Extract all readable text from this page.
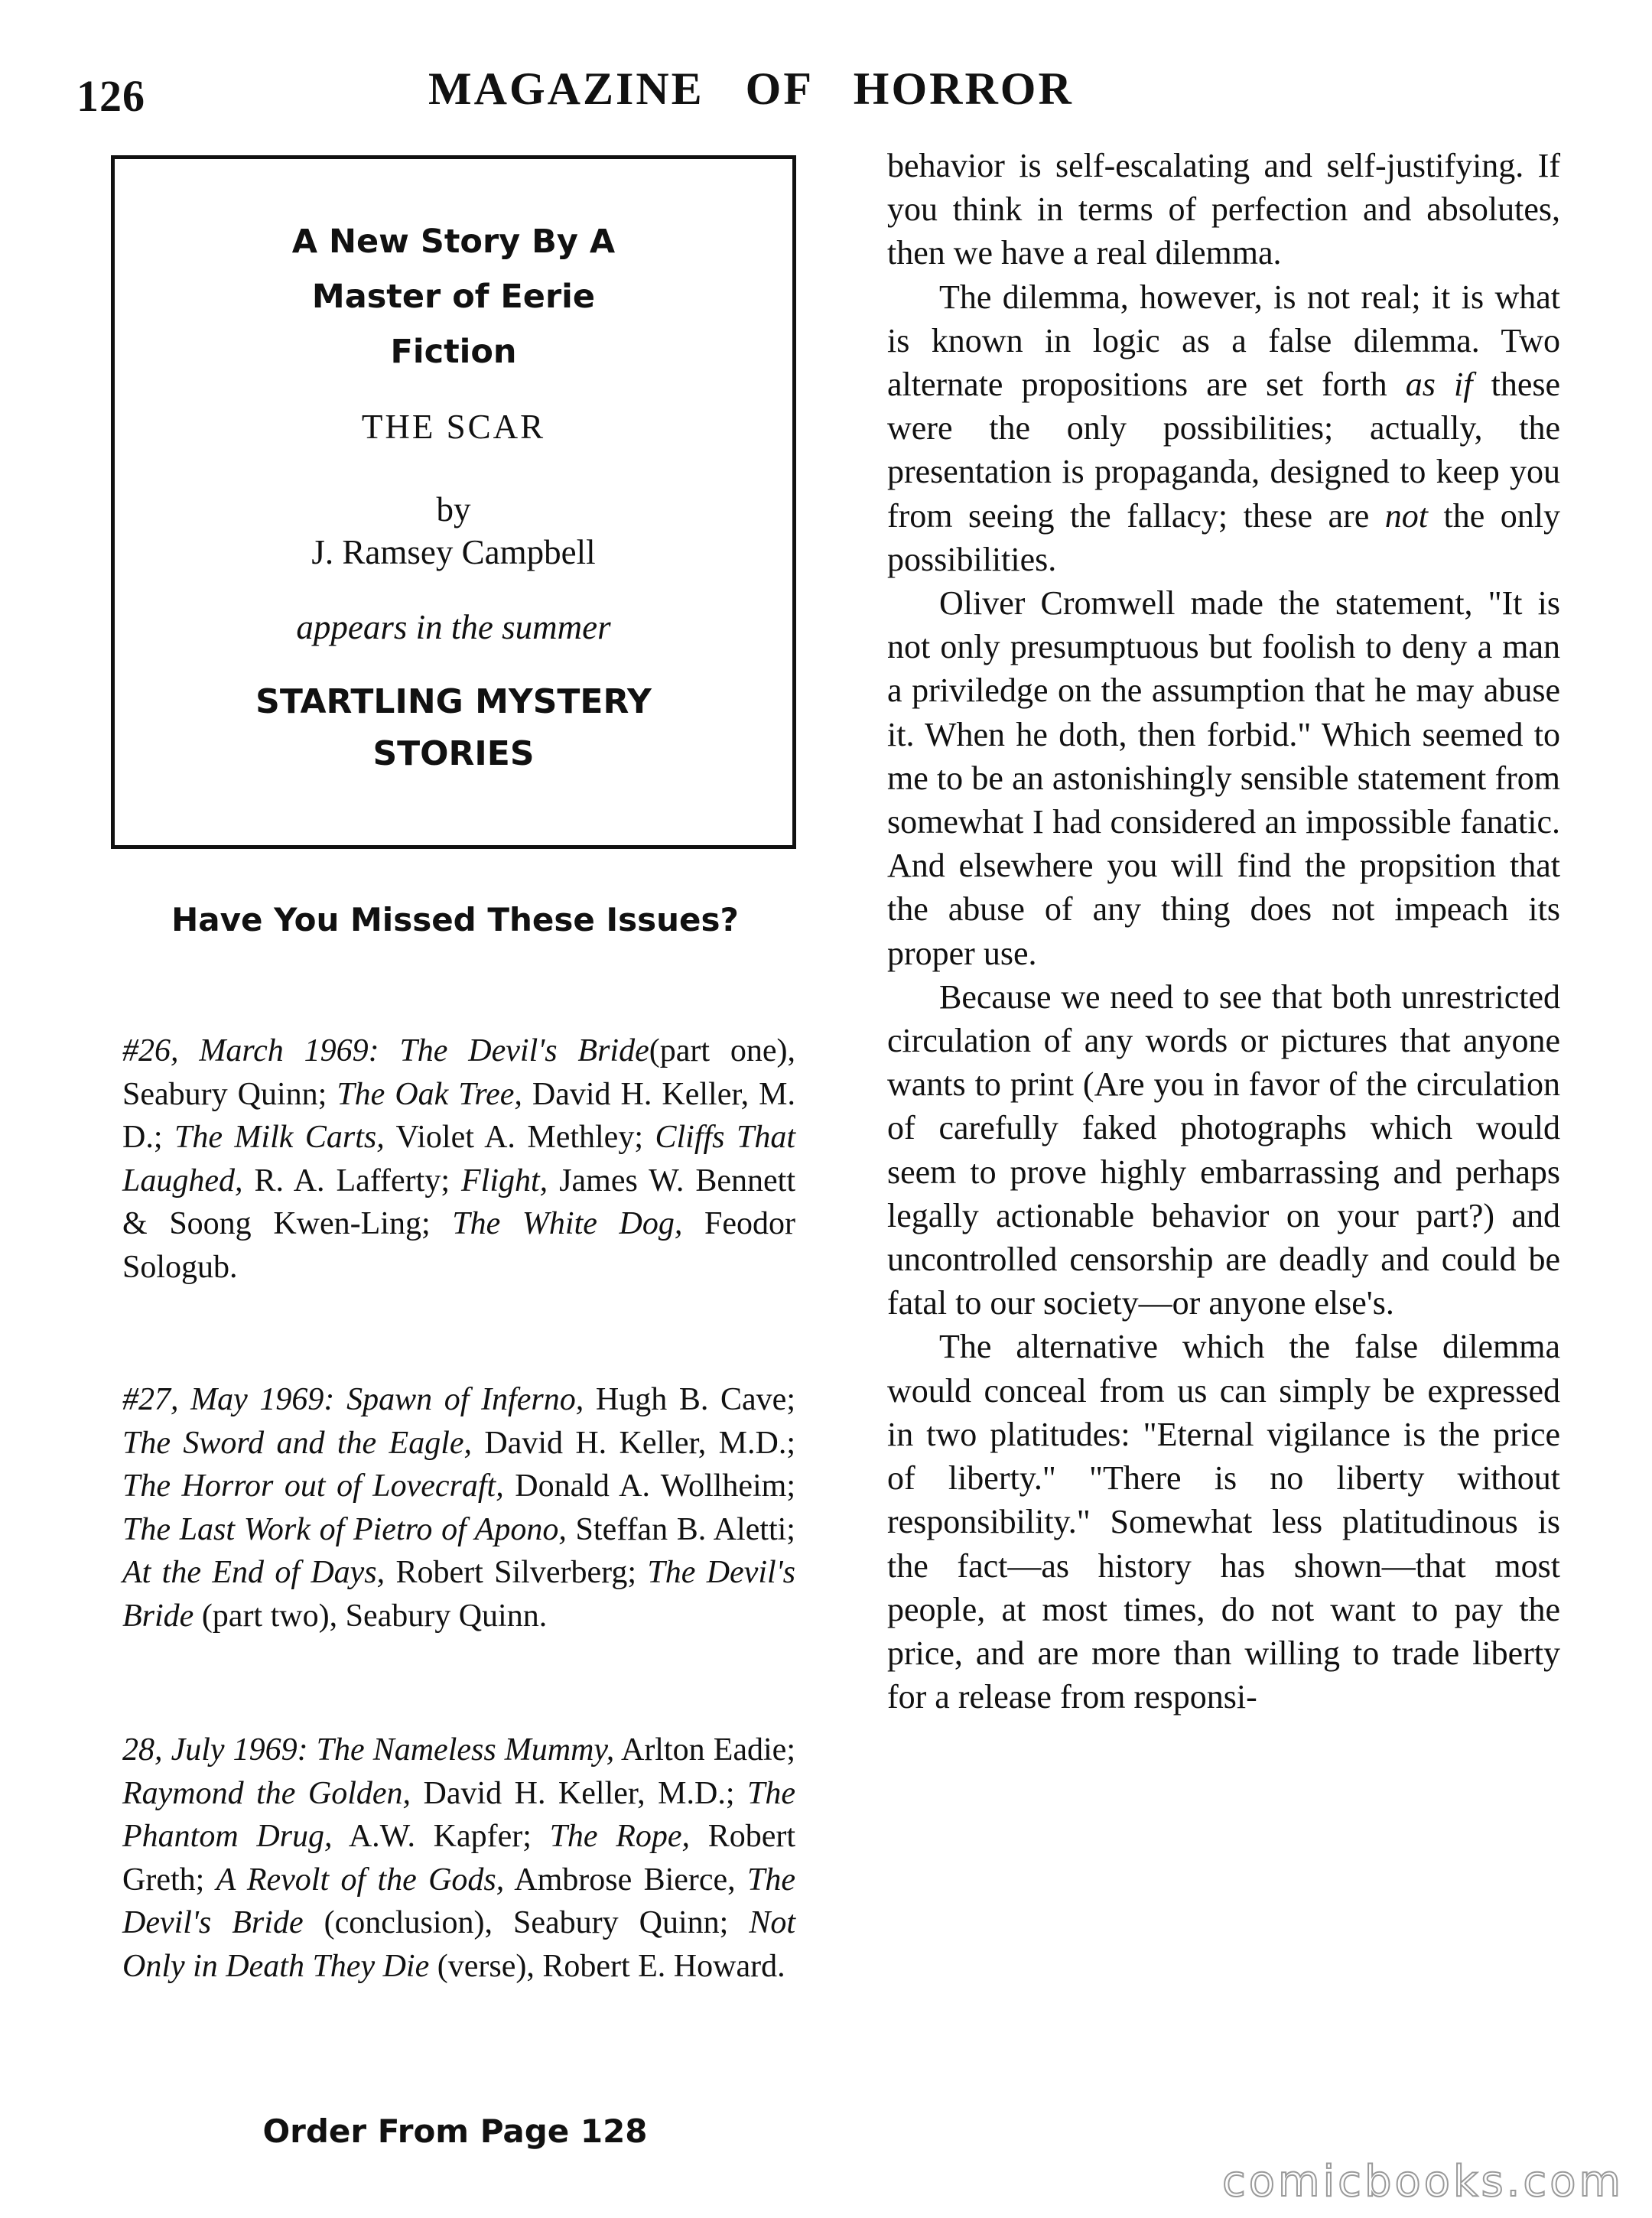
126	MAGAZINE   OF   HORROR
A New Story By A
Master of Eerie
Fiction
THE SCAR
by
J. Ramsey Campbell
appears in the summer
STARTLING MYSTERY
STORIES
Have You Missed These Issues?
#26, March 1969: The Devil's Bride(part one), Seabury Quinn; The Oak Tree, David H. Keller, M. D.; The Milk Carts, Violet A. Methley; Cliffs That Laughed, R. A. Lafferty; Flight, James W. Bennett & Soong Kwen-Ling; The White Dog, Feodor Sologub.
#27, May 1969: Spawn of Inferno, Hugh B. Cave; The Sword and the Eagle, David H. Keller, M.D.; The Horror out of Lovecraft, Donald A. Wollheim; The Last Work of Pietro of Apono, Steffan B. Aletti; At the End of Days, Robert Silverberg; The Devil's Bride (part two), Seabury Quinn.
28, July 1969: The Nameless Mummy, Arlton Eadie; Raymond the Golden, David H. Keller, M.D.; The Phantom Drug, A.W. Kapfer; The Rope, Robert Greth; A Revolt of the Gods, Ambrose Bierce, The Devil's Bride (conclusion), Seabury Quinn; Not Only in Death They Die (verse), Robert E. Howard.
Order From Page 128

behavior is self-escalating and self-justifying. If you think in terms of perfection and absolutes, then we have a real dilemma.

The dilemma, however, is not real; it is what is known in logic as a false dilemma. Two alternate propositions are set forth as if these were the only possibilities; actually, the presentation is propaganda, designed to keep you from seeing the fallacy; these are not the only possibilities.

Oliver Cromwell made the statement, "It is not only presumptuous but foolish to deny a man a priviledge on the assumption that he may abuse it. When he doth, then forbid." Which seemed to me to be an astonishingly sensible statement from somewhat I had considered an impossible fanatic. And elsewhere you will find the propsition that the abuse of any thing does not impeach its proper use.

Because we need to see that both unrestricted circulation of any words or pictures that anyone wants to print (Are you in favor of the circulation of carefully faked photographs which would seem to prove highly embarrassing and perhaps legally actionable behavior on your part?) and uncontrolled censorship are deadly and could be fatal to our society—or anyone else's.

The alternative which the false dilemma would conceal from us can simply be expressed in two platitudes: "Eternal vigilance is the price of liberty." "There is no liberty without responsibility." Somewhat less platitudinous is the fact—as history has shown—that most people, at most times, do not want to pay the price, and are more than willing to trade liberty for a release from responsi-

comicbooks.com
